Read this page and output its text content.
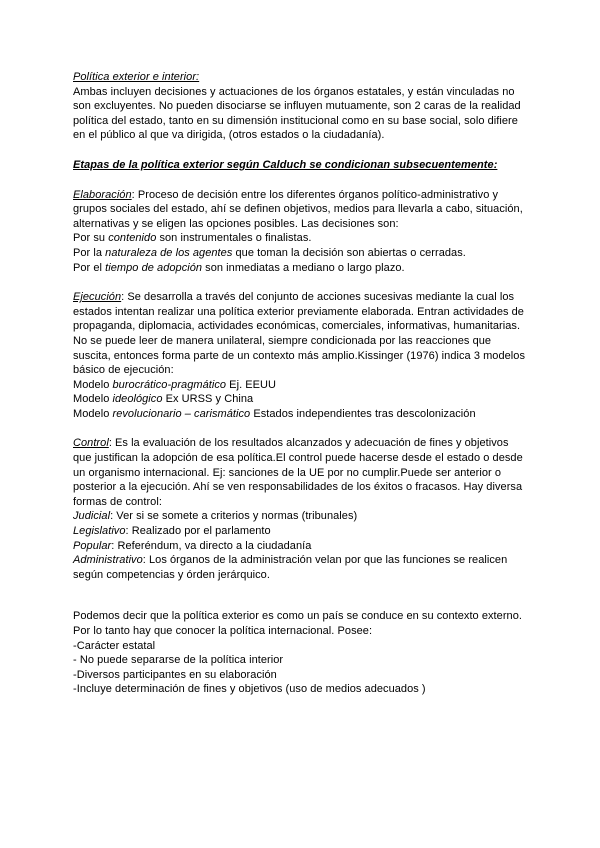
Política exterior e interior:
Ambas incluyen decisiones y actuaciones de los órganos estatales, y están vinculadas no
son excluyentes. No pueden disociarse se influyen mutuamente, son 2 caras de la realidad
política del estado, tanto en su dimensión institucional como en su base social, solo difiere
en el público al que va dirigida, (otros estados o la ciudadanía).
Etapas de la política exterior según Calduch se condicionan subsecuentemente:
Elaboración: Proceso de decisión entre los diferentes órganos político-administrativo y
grupos sociales del estado, ahí se definen objetivos, medios para llevarla a cabo, situación,
alternativas y se eligen las opciones posibles. Las decisiones son:
Por su contenido son instrumentales o finalistas.
Por la naturaleza de los agentes que toman la decisión son abiertas o cerradas.
Por el tiempo de adopción son inmediatas a mediano o largo plazo.
Ejecución: Se desarrolla a través del conjunto de acciones sucesivas mediante la cual los
estados intentan realizar una política exterior previamente elaborada. Entran actividades de
propaganda, diplomacia, actividades económicas, comerciales, informativas, humanitarias.
No se puede leer de manera unilateral, siempre condicionada por las reacciones que
suscita, entonces forma parte de un contexto más amplio.Kissinger (1976) indica 3 modelos
básico de ejecución:
Modelo burocrático-pragmático Ej. EEUU
Modelo ideológico Ex URSS y China
Modelo revolucionario – carismático Estados independientes tras descolonización
Control: Es la evaluación de los resultados alcanzados y adecuación de fines y objetivos
que justifican la adopción de esa política.El control puede hacerse desde el estado o desde
un organismo internacional. Ej: sanciones de la UE por no cumplir.Puede ser anterior o
posterior a la ejecución. Ahí se ven responsabilidades de los éxitos o fracasos. Hay diversa
formas de control:
Judicial: Ver si se somete a criterios y normas (tribunales)
Legislativo: Realizado por el parlamento
Popular: Referéndum, va directo a la ciudadanía
Administrativo: Los órganos de la administración velan por que las funciones se realicen
según competencias y órden jerárquico.
Podemos decir que la política exterior es como un país se conduce en su contexto externo.
Por lo tanto hay que conocer la política internacional. Posee:
-Carácter estatal
- No puede separarse de la política interior
-Diversos participantes en su elaboración
-Incluye determinación de fines y objetivos (uso de medios adecuados )
